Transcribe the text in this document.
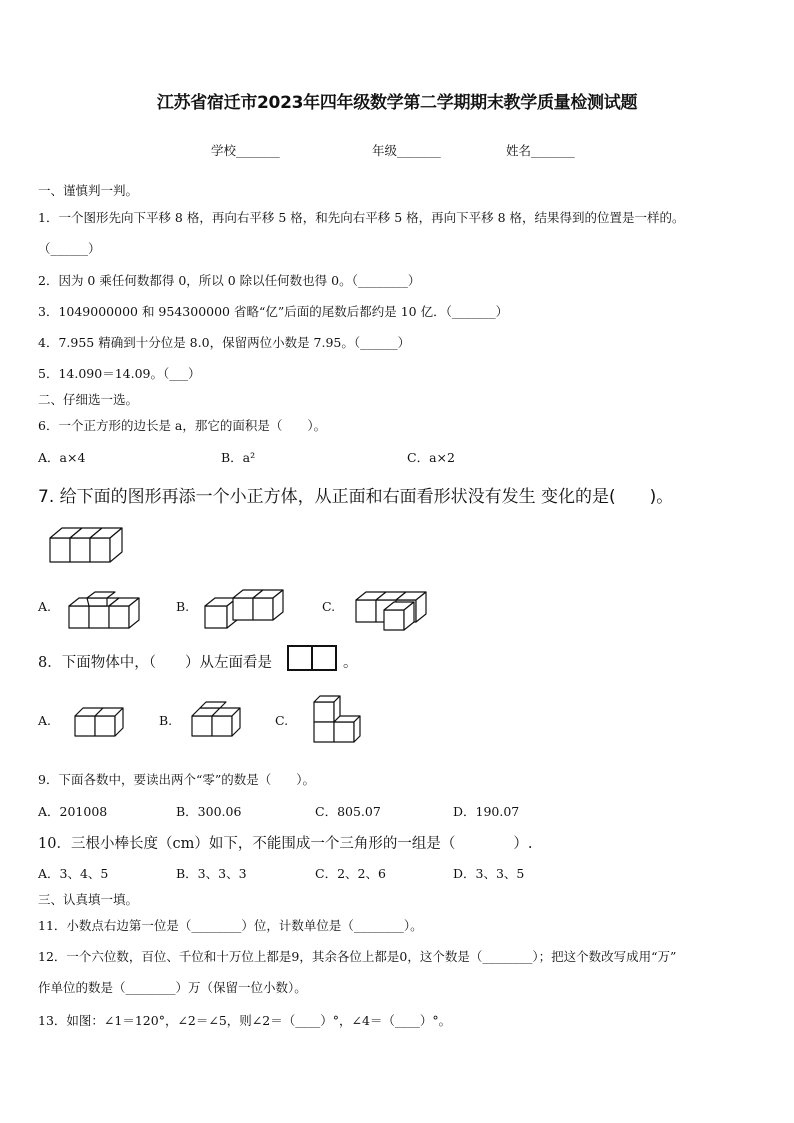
江苏省宿迁市2023年四年级数学第二学期期末教学质量检测试题
学校_______	年级_______	姓名_______
一、谨慎判一判。
1．一个图形先向下平移 8 格，再向右平移 5 格，和先向右平移 5 格，再向下平移 8 格，结果得到的位置是一样的。
（______）
2．因为 0 乘任何数都得 0，所以 0 除以任何数也得 0。（________）
3．1049000000 和 954300000 省略“亿”后面的尾数后都约是 10 亿．（_______）
4．7.955 精确到十分位是 8.0，保留两位小数是 7.95。（______）
5．14.090＝14.09。（___）
二、仔细选一选。
6．一个正方形的边长是 a，那它的面积是（　　）。
A．a×4	B．a²	C．a×2
7. 给下面的图形再添一个小正方体，从正面和右面看形状没有发生 变化的是(　　)。
A.	B.	C.
8．下面物体中，（　　）从左面看是	。
A.	B.	C.
9．下面各数中，要读出两个“零”的数是（　　）。
A．201008	B．300.06	C．805.07	D．190.07
10．三根小棒长度（cm）如下，不能围成一个三角形的一组是（　　　　）.
A．3、4、5	B．3、3、3	C．2、2、6	D．3、3、5
三、认真填一填。
11．小数点右边第一位是（________）位，计数单位是（________）。
12．一个六位数，百位、千位和十万位上都是9，其余各位上都是0，这个数是（________）；把这个数改写成用“万”
作单位的数是（________）万（保留一位小数）。
13．如图：∠1＝120°，∠2＝∠5，则∠2＝（____）°，∠4＝（____）°。
